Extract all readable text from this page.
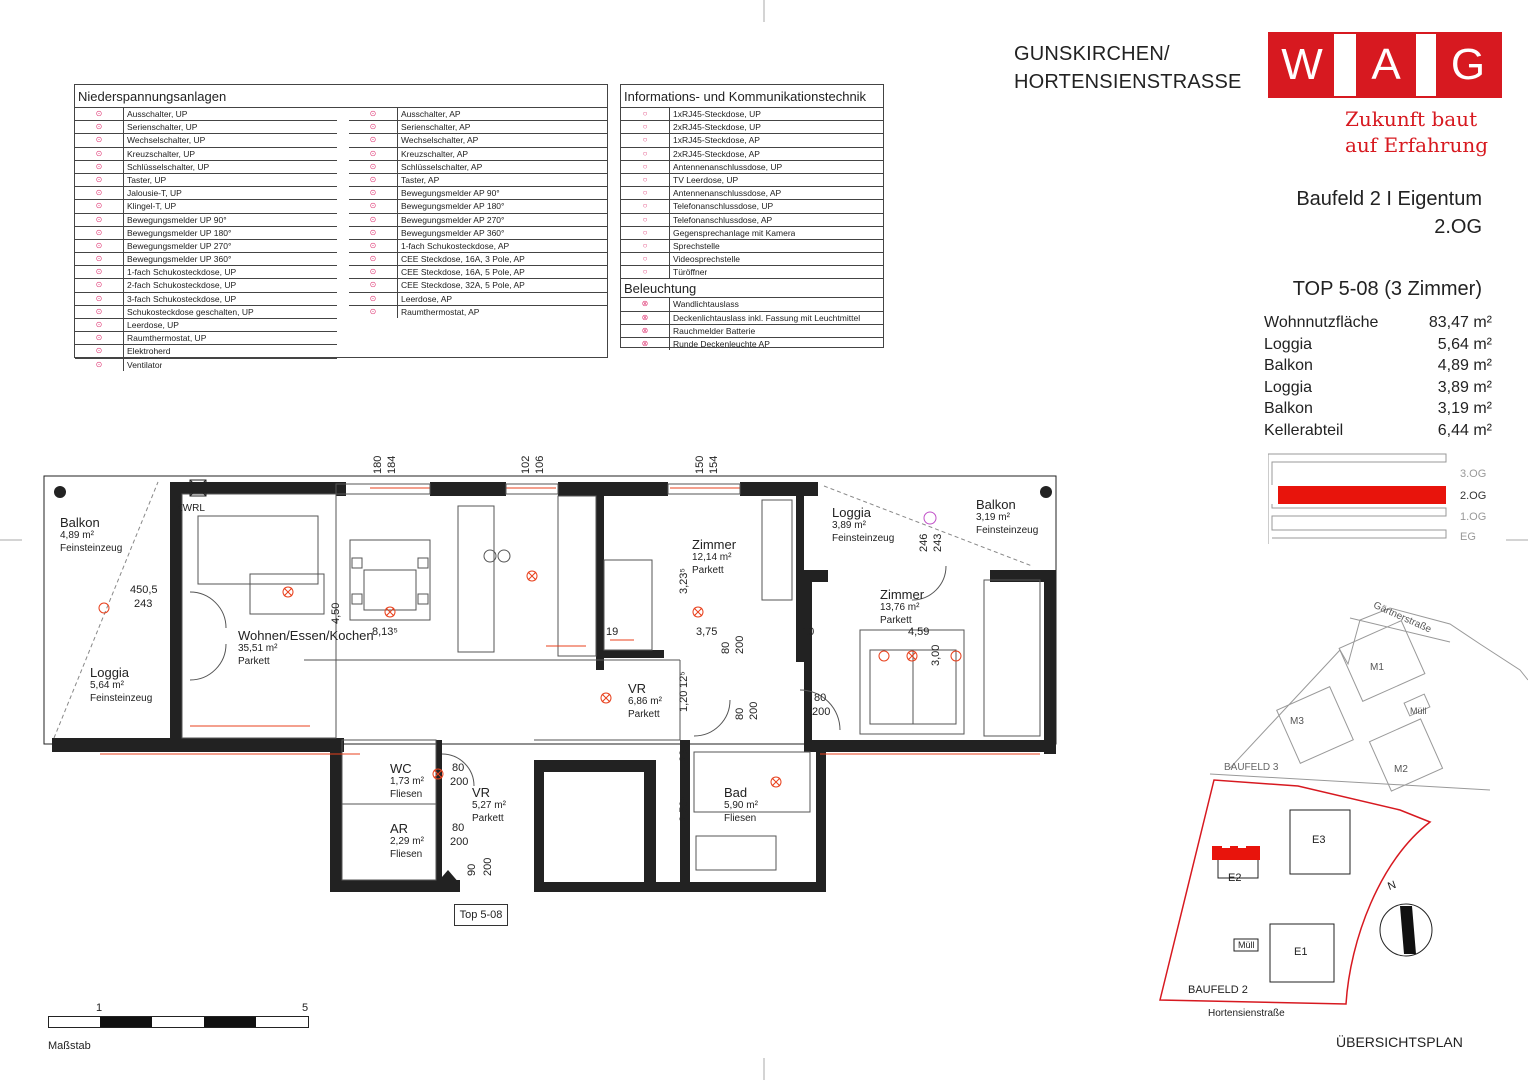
GUNSKIRCHEN/
HORTENSIENSTRASSE W	A	G
Zukunft baut
auf Erfahrung
Baufeld 2 I Eigentum
2.OG
TOP 5-08 (3 Zimmer)
Wohnnutzfläche	83,47 m²
Loggia	5,64 m²
Balkon	4,89 m²
Loggia	3,89 m²
Balkon	3,19 m²
Kellerabteil	6,44 m²
3.OG
2.OG
1.OG
EG
Niederspannungsanlagen
⊙	Ausschalter, UP
⊙	Serienschalter, UP
⊙	Wechselschalter, UP
⊙	Kreuzschalter, UP
⊙	Schlüsselschalter, UP
⊙	Taster, UP
⊙	Jalousie-T, UP
⊙	Klingel-T, UP
⊙	Bewegungsmelder UP 90°
⊙	Bewegungsmelder UP 180°
⊙	Bewegungsmelder UP 270°
⊙	Bewegungsmelder UP 360°
⊙	1-fach Schukosteckdose, UP
⊙	2-fach Schukosteckdose, UP
⊙	3-fach Schukosteckdose, UP
⊙	Schukosteckdose geschalten, UP
⊙	Leerdose, UP
⊙	Raumthermostat, UP
⊙	Elektroherd
⊙	Ventilator
⊙	Ausschalter, AP
⊙	Serienschalter, AP
⊙	Wechselschalter, AP
⊙	Kreuzschalter, AP
⊙	Schlüsselschalter, AP
⊙	Taster, AP
⊙	Bewegungsmelder AP 90°
⊙	Bewegungsmelder AP 180°
⊙	Bewegungsmelder AP 270°
⊙	Bewegungsmelder AP 360°
⊙	1-fach Schukosteckdose, AP
⊙	CEE Steckdose, 16A, 3 Pole, AP
⊙	CEE Steckdose, 16A, 5 Pole, AP
⊙	CEE Steckdose, 32A, 5 Pole, AP
⊙	Leerdose, AP
⊙	Raumthermostat, AP
Informations- und Kommunikationstechnik
○	1xRJ45-Steckdose, UP
○	2xRJ45-Steckdose, UP
○	1xRJ45-Steckdose, AP
○	2xRJ45-Steckdose, AP
○	Antennenanschlussdose, UP
○	TV Leerdose, UP
○	Antennenanschlussdose, AP
○	Telefonanschlussdose, UP
○	Telefonanschlussdose, AP
○	Gegensprechanlage mit Kamera
○	Sprechstelle
○	Videosprechstelle
○	Türöffner
Beleuchtung
⊗	Wandlichtauslass
⊗	Deckenlichtauslass inkl. Fassung mit Leuchtmittel
⊗	Rauchmelder Batterie
⊗	Runde Deckenleuchte AP
Balkon
4,89 m²
Feinsteinzeug
Loggia
5,64 m²
Feinsteinzeug
Wohnen/Essen/Kochen
35,51 m²
Parkett
Zimmer
12,14 m²
Parkett
Loggia
3,89 m²
Feinsteinzeug
Balkon
3,19 m²
Feinsteinzeug
Zimmer
13,76 m²
Parkett
VR
6,86 m²
Parkett
WC
1,73 m²
Fliesen	VR
5,27 m²
Parkett
AR
2,29 m²
Fliesen
Bad
5,90 m²
Fliesen
180 184	102 106	150 154
450,5
243	4,50
8,13⁵
3,23⁵
19	3,75	10	4,59
3,00
246 243
80
200
80
200
80
200
1,20
12⁵
2,50⁵
23
90 200
80 200
80 200
KWRL
Top 5-08
1	5
Maßstab
Gärtnerstraße
M1
M3
M2
Müll
E3
E2
E1
Müll
BAUFELD 3
BAUFELD 2
Hortensienstraße
N
ÜBERSICHTSPLAN
